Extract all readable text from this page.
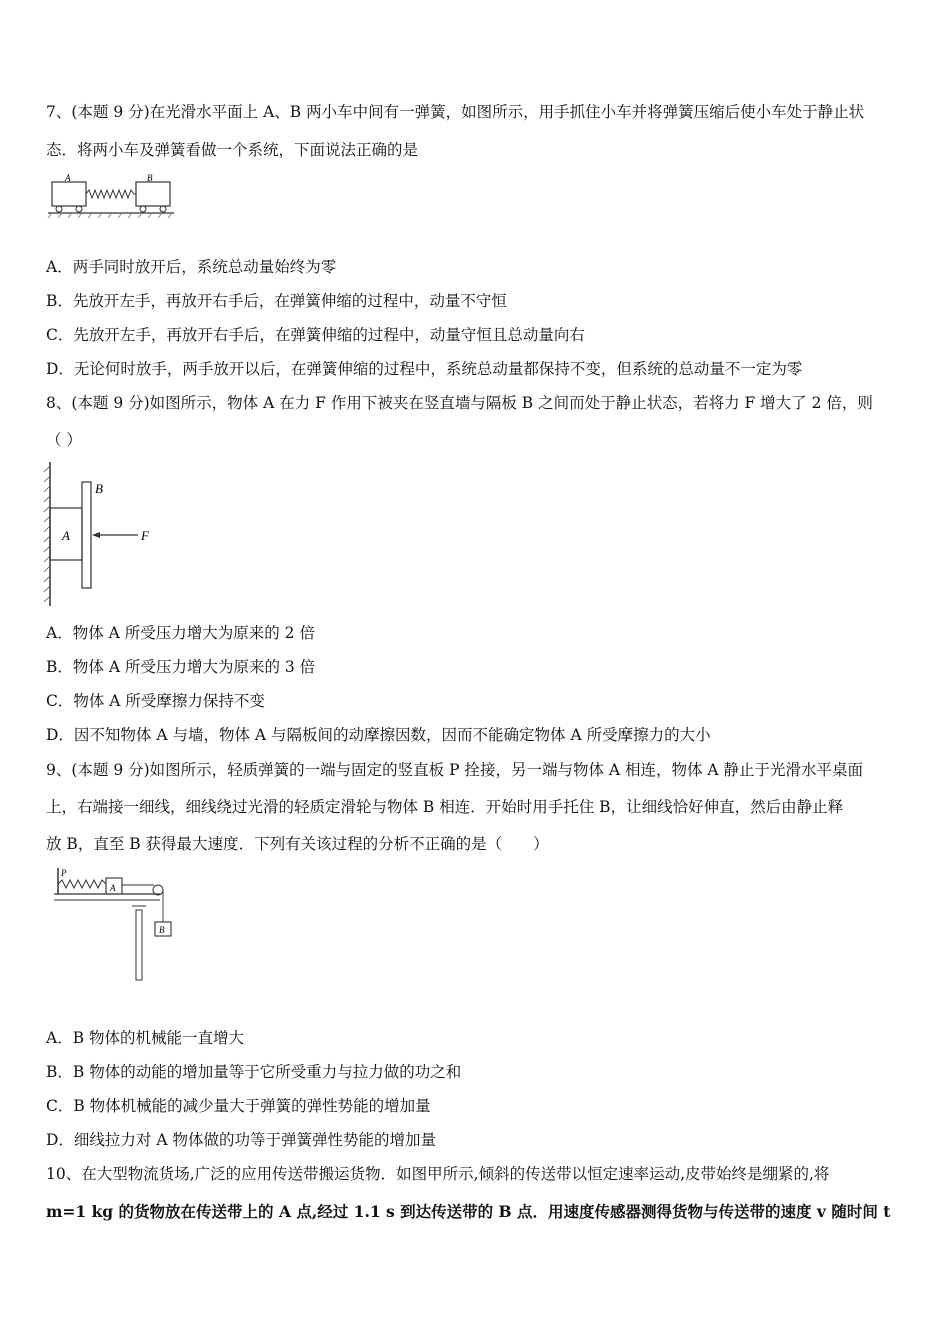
7、(本题 9 分)在光滑水平面上 A、B 两小车中间有一弹簧，如图所示，用手抓住小车并将弹簧压缩后使小车处于静止状
态．将两小车及弹簧看做一个系统，下面说法正确的是
A	B
A．两手同时放开后，系统总动量始终为零
B．先放开左手，再放开右手后，在弹簧伸缩的过程中，动量不守恒
C．先放开左手，再放开右手后，在弹簧伸缩的过程中，动量守恒且总动量向右
D．无论何时放手，两手放开以后，在弹簧伸缩的过程中，系统总动量都保持不变，但系统的总动量不一定为零
8、(本题 9 分)如图所示，物体 A 在力 F 作用下被夹在竖直墙与隔板 B 之间而处于静止状态，若将力 F 增大了 2 倍，则
（ ）
A
B
F
A．物体 A 所受压力增大为原来的 2 倍
B．物体 A 所受压力增大为原来的 3 倍
C．物体 A 所受摩擦力保持不变
D．因不知物体 A 与墙，物体 A 与隔板间的动摩擦因数，因而不能确定物体 A 所受摩擦力的大小
9、(本题 9 分)如图所示，轻质弹簧的一端与固定的竖直板 P 拴接，另一端与物体 A 相连，物体 A 静止于光滑水平桌面
上，右端接一细线，细线绕过光滑的轻质定滑轮与物体 B 相连．开始时用手托住 B，让细线恰好伸直，然后由静止释
放 B，直至 B 获得最大速度．下列有关该过程的分析不正确的是（　　）
P
A
B
A．B 物体的机械能一直增大
B．B 物体的动能的增加量等于它所受重力与拉力做的功之和
C．B 物体机械能的减少量大于弹簧的弹性势能的增加量
D．细线拉力对 A 物体做的功等于弹簧弹性势能的增加量
10、在大型物流货场,广泛的应用传送带搬运货物．如图甲所示,倾斜的传送带以恒定速率运动,皮带始终是绷紧的,将
m=1 kg 的货物放在传送带上的 A 点,经过 1.1 s 到达传送带的 B 点．用速度传感器测得货物与传送带的速度 v 随时间 t
